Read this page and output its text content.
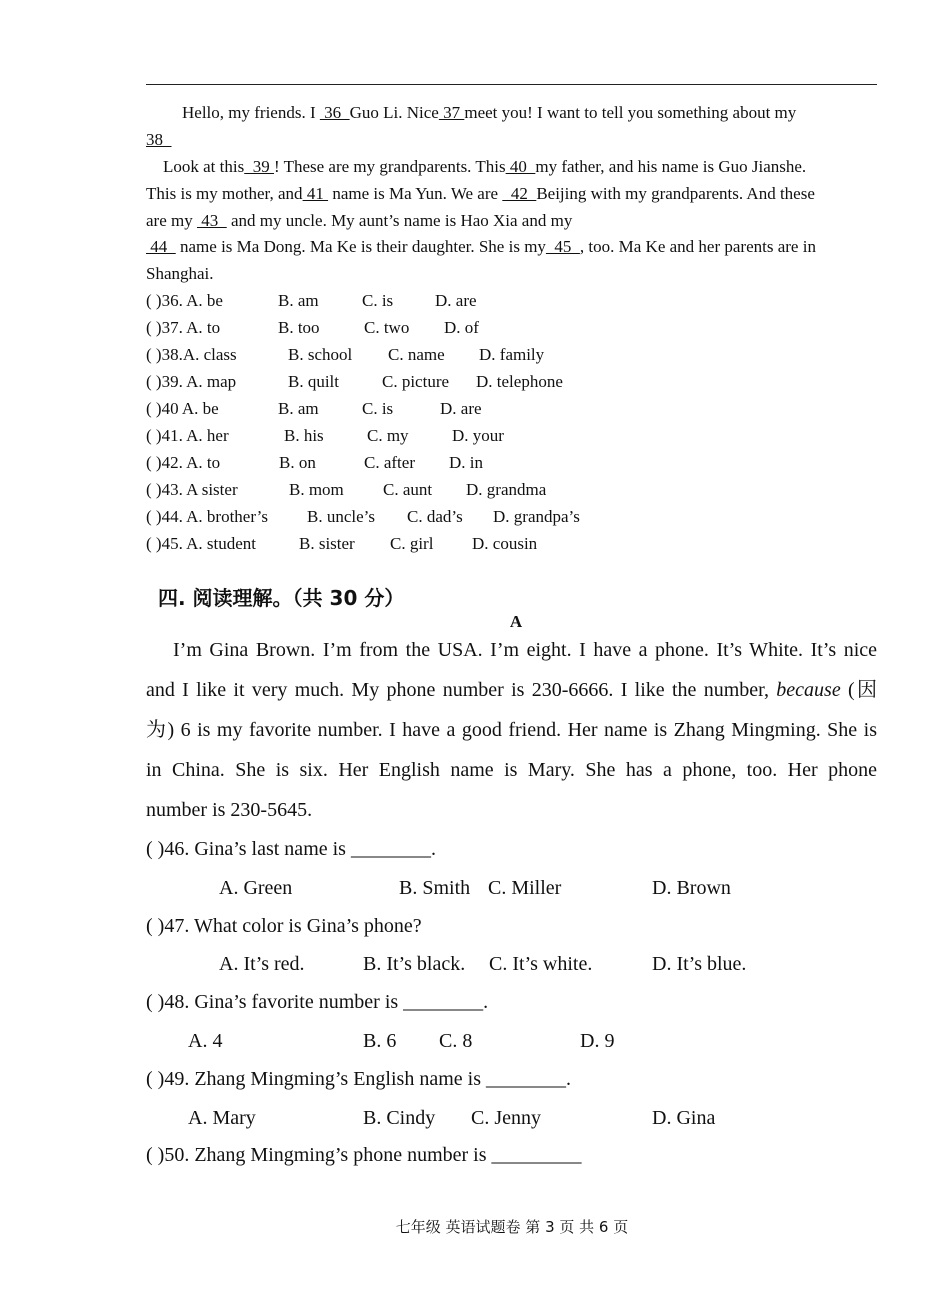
Hello, my friends. I  36  Guo Li. Nice 37 meet you! I want to tell you something about my
38
Look at this  39 ! These are my grandparents. This 40  my father, and his name is Guo Jianshe.
This is my mother, and 41  name is Ma Yun. We are   42  Beijing with my grandparents. And these
are my  43   and my uncle. My aunt’s name is Hao Xia and my
44   name is Ma Dong. Ma Ke is their daughter. She is my  45  , too. Ma Ke and her parents are in
Shanghai.
( )36. A. be	B. am	C. is D. are
( )37. A. to	B. too	C. two D. of
( )38.A. class	B. school C. name D. family
( )39. A. map	B. quilt	C. picture D. telephone
( )40 A. be	B. am	C. is	D. are
( )41. A. her	B. his	C. my	D. your
( )42. A. to	B. on	C. after D. in
( )43. A sister	B. mom C. aunt D. grandma
( )44. A. brother’s B. uncle’s C. dad’s D. grandpa’s
( )45. A. student	B. sister C. girl D. cousin
四. 阅读理解。（共 30 分）
A
I’m Gina Brown. I’m from the USA. I’m eight. I have a phone. It’s White. It’s nice
and I like it very much. My phone number is 230-6666. I like the number, because (因
为) 6 is my favorite number. I have a good friend. Her name is Zhang Mingming. She is
in China. She is six. Her English name is Mary. She has a phone, too. Her phone
number is 230-5645.
( )46. Gina’s last name is ________.
A. Green	B. Smith C. Miller	D. Brown
( )47. What color is Gina’s phone?
A. It’s red.	B. It’s black. C. It’s white.	D. It’s blue.
( )48. Gina’s favorite number is ________.
A. 4	B. 6 C. 8	D. 9
( )49. Zhang Mingming’s English name is ________.
A. Mary	B. Cindy C. Jenny	D. Gina
( )50. Zhang Mingming’s phone number is _________
七年级 英语试题卷 第 3 页 共 6 页
